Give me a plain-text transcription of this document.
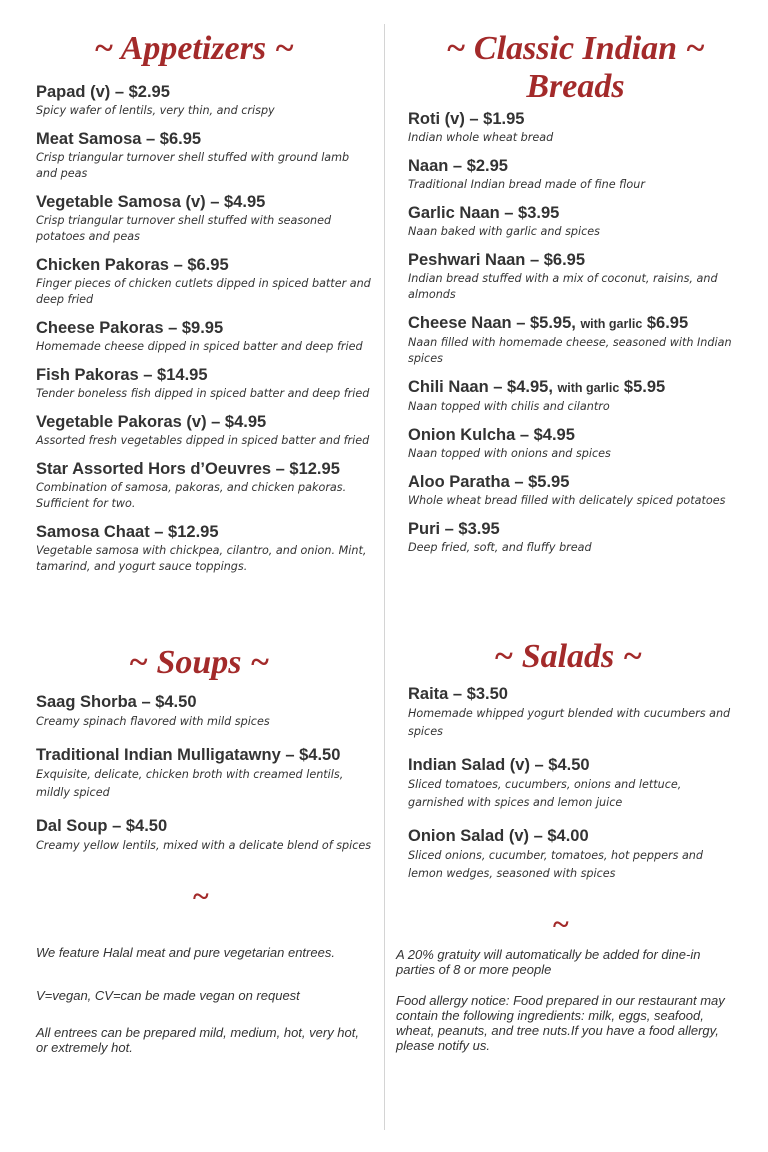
~ Appetizers ~
Papad (v) – $2.95
Spicy wafer of lentils, very thin, and crispy
Meat Samosa – $6.95
Crisp triangular turnover shell stuffed with ground lamb and peas
Vegetable Samosa (v) – $4.95
Crisp triangular turnover shell stuffed with seasoned potatoes and peas
Chicken Pakoras – $6.95
Finger pieces of chicken cutlets dipped in spiced batter and deep fried
Cheese Pakoras – $9.95
Homemade cheese dipped in spiced batter and deep fried
Fish Pakoras – $14.95
Tender boneless fish dipped in spiced batter and deep fried
Vegetable Pakoras (v) – $4.95
Assorted fresh vegetables dipped in spiced batter and fried
Star Assorted Hors d’Oeuvres – $12.95
Combination of samosa, pakoras, and chicken pakoras. Sufficient for two.
Samosa Chaat – $12.95
Vegetable samosa with chickpea, cilantro, and onion. Mint, tamarind, and yogurt sauce toppings.
~ Classic Indian ~
Breads
Roti (v) – $1.95
Indian whole wheat bread
Naan – $2.95
Traditional Indian bread made of fine flour
Garlic Naan – $3.95
Naan baked with garlic and spices
Peshwari Naan – $6.95
Indian bread stuffed with a mix of coconut, raisins, and almonds
Cheese Naan – $5.95, with garlic $6.95
Naan filled with homemade cheese, seasoned with Indian spices
Chili Naan – $4.95, with garlic $5.95
Naan topped with chilis and cilantro
Onion Kulcha – $4.95
Naan topped with onions and spices
Aloo Paratha – $5.95
Whole wheat bread filled with delicately spiced potatoes
Puri – $3.95
Deep fried, soft, and fluffy bread
~ Soups ~
Saag Shorba – $4.50
Creamy spinach flavored with mild spices
Traditional Indian Mulligatawny – $4.50
Exquisite, delicate, chicken broth with creamed lentils, mildly spiced
Dal Soup – $4.50
Creamy yellow lentils, mixed with a delicate blend of spices
~ Salads ~
Raita – $3.50
Homemade whipped yogurt blended with cucumbers and spices
Indian Salad (v) – $4.50
Sliced tomatoes, cucumbers, onions and lettuce, garnished with spices and lemon juice
Onion Salad (v) – $4.00
Sliced onions, cucumber, tomatoes, hot peppers and lemon wedges, seasoned with spices
~
~

We feature Halal meat and pure vegetarian entrees.

V=vegan, CV=can be made vegan on request

All entrees can be prepared mild, medium, hot, very hot, or extremely hot.

A 20% gratuity will automatically be added for dine-in parties of 8 or more people

Food allergy notice: Food prepared in our restaurant may contain the following ingredients: milk, eggs, seafood, wheat, peanuts, and tree nuts.If you have a food allergy, please notify us.
